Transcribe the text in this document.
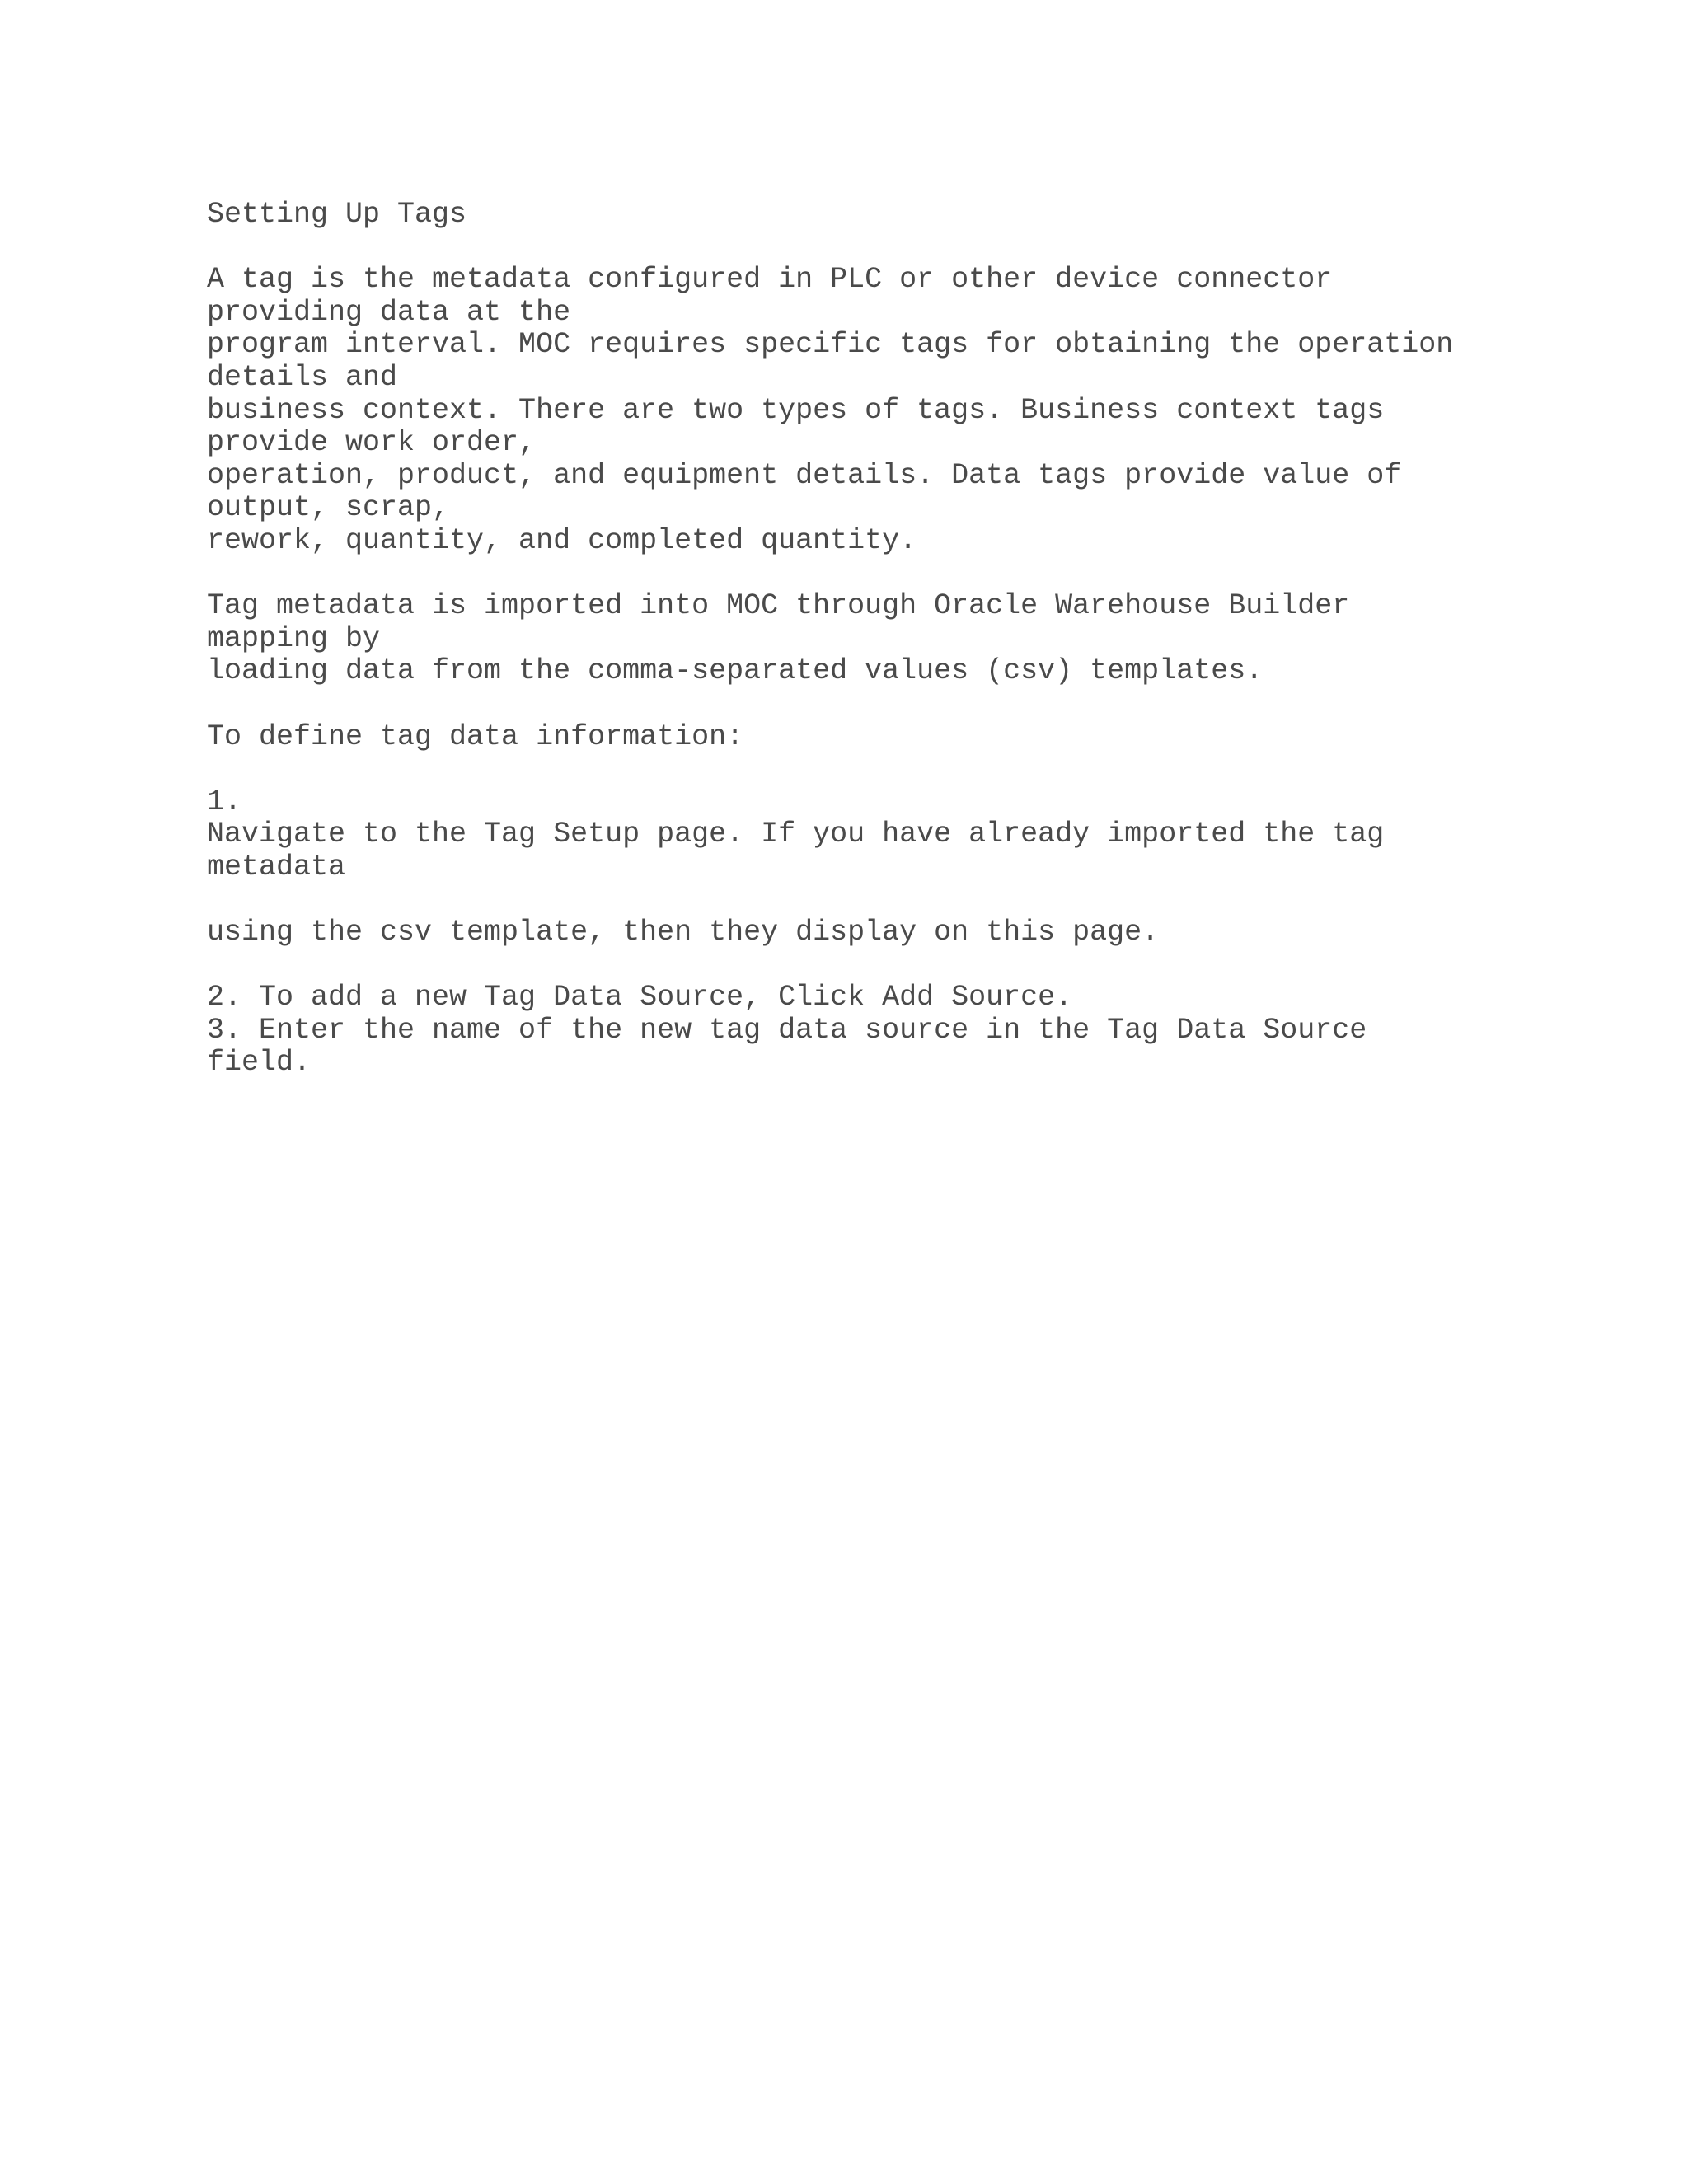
Setting Up Tags
A tag is the metadata configured in PLC or other device connector
providing data at the
program interval. MOC requires specific tags for obtaining the operation
details and
business context. There are two types of tags. Business context tags
provide work order,
operation, product, and equipment details. Data tags provide value of
output, scrap,
rework, quantity, and completed quantity.
Tag metadata is imported into MOC through Oracle Warehouse Builder
mapping by
loading data from the comma-separated values (csv) templates.
To define tag data information:
1.
Navigate to the Tag Setup page. If you have already imported the tag
metadata
using the csv template, then they display on this page.
2. To add a new Tag Data Source, Click Add Source.
3. Enter the name of the new tag data source in the Tag Data Source
field.
